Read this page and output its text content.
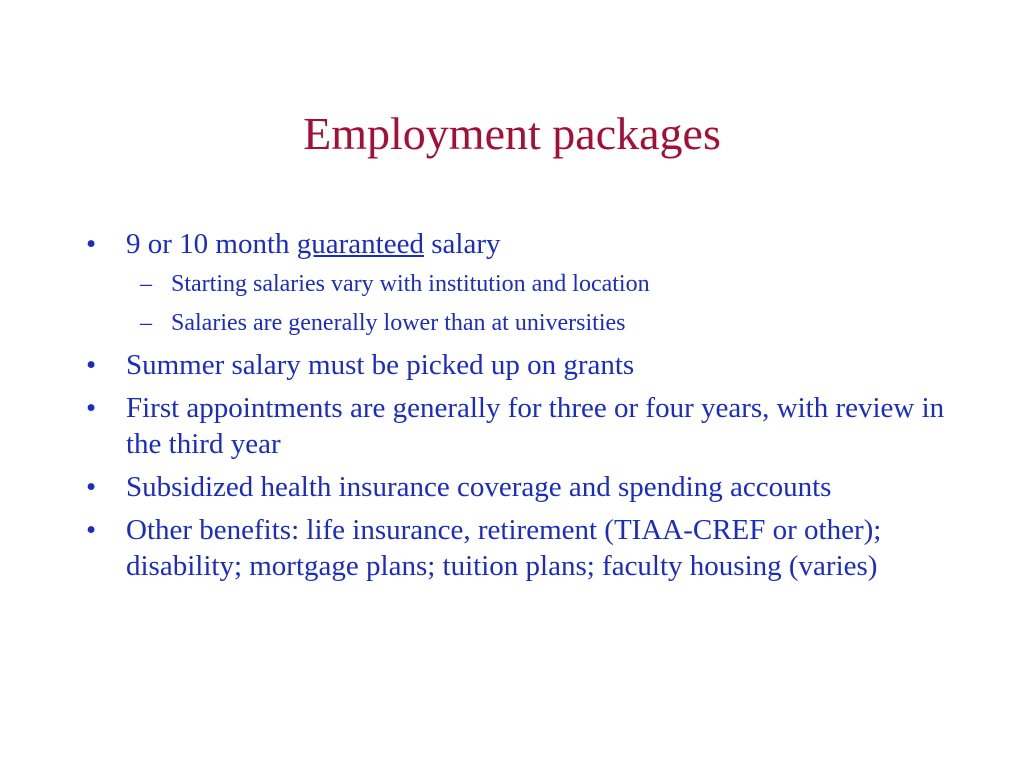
Employment packages
•	9 or 10 month guaranteed salary
– Starting salaries vary with institution and location
– Salaries are generally lower than at universities
•	Summer salary must be picked up on grants
•	First appointments are generally for three or four years, with review in the third year
•	Subsidized health insurance coverage and spending accounts
•	Other benefits: life insurance, retirement (TIAA-CREF or other); disability; mortgage plans; tuition plans; faculty housing (varies)
